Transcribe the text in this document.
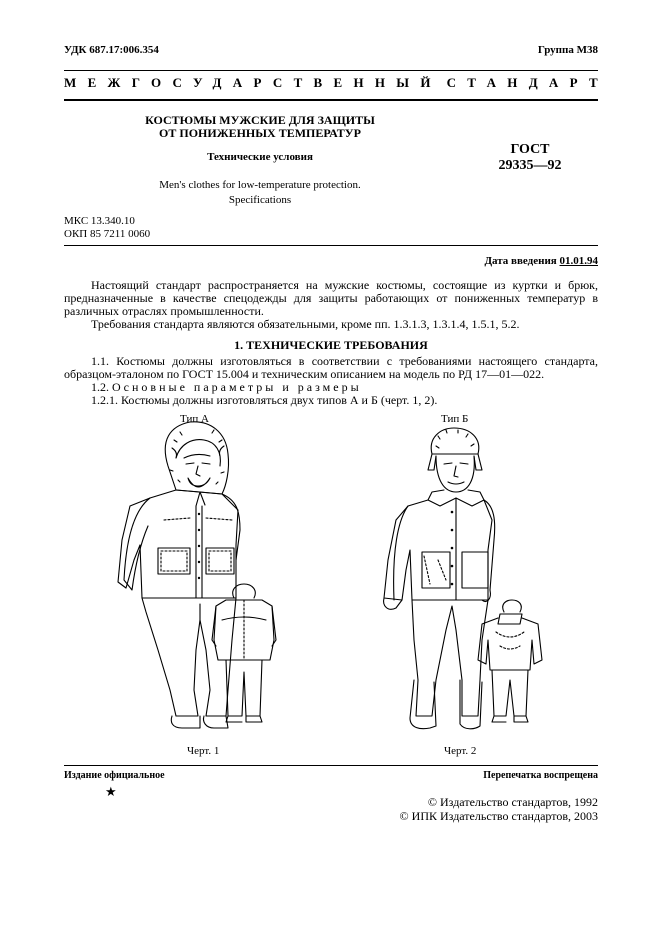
УДК 687.17:006.354	Группа М38
МЕЖГОСУДАРСТВЕННЫЙ СТАНДАРТ
КОСТЮМЫ МУЖСКИЕ ДЛЯ ЗАЩИТЫ
ОТ ПОНИЖЕННЫХ ТЕМПЕРАТУР
Технические условия
Men's clothes for low-temperature protection.
Specifications
ГОСТ
29335—92
МКС 13.340.10
ОКП 85 7211 0060
Дата введения 01.01.94
Настоящий стандарт распространяется на мужские костюмы, состоящие из куртки и брюк, предназначенные в качестве спецодежды для защиты работающих от пониженных температур в различных отраслях промышленности.
Требования стандарта являются обязательными, кроме пп. 1.3.1.3, 1.3.1.4, 1.5.1, 5.2.
1. ТЕХНИЧЕСКИЕ ТРЕБОВАНИЯ
1.1. Костюмы должны изготовляться в соответствии с требованиями настоящего стандарта, образцом-эталоном по ГОСТ 15.004 и техническим описанием на модель по РД 17—01—022.
1.2. Основные параметры и размеры
1.2.1. Костюмы должны изготовляться двух типов А и Б (черт. 1, 2).
Тип А	Тип Б
Черт. 1	Черт. 2
Издание официальное	Перепечатка воспрещена
★
© Издательство стандартов, 1992
© ИПК Издательство стандартов, 2003
